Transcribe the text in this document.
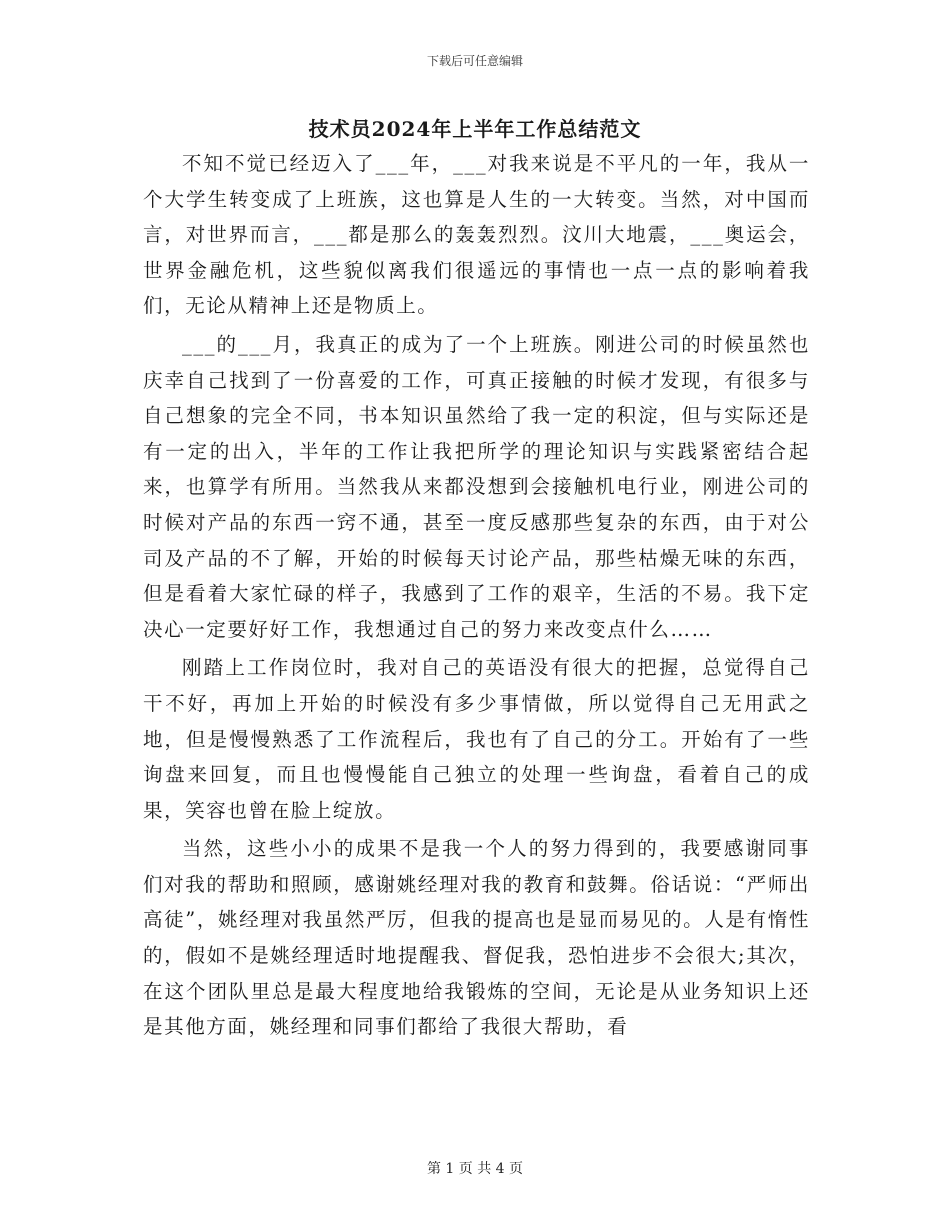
下载后可任意编辑
技术员2024年上半年工作总结范文

不知不觉已经迈入了___年，___对我来说是不平凡的一年，我从一个大学生转变成了上班族，这也算是人生的一大转变。当然，对中国而言，对世界而言，___都是那么的轰轰烈烈。汶川大地震，___奥运会，世界金融危机，这些貌似离我们很遥远的事情也一点一点的影响着我们，无论从精神上还是物质上。

___的___月，我真正的成为了一个上班族。刚进公司的时候虽然也庆幸自己找到了一份喜爱的工作，可真正接触的时候才发现，有很多与自己想象的完全不同，书本知识虽然给了我一定的积淀，但与实际还是有一定的出入，半年的工作让我把所学的理论知识与实践紧密结合起来，也算学有所用。当然我从来都没想到会接触机电行业，刚进公司的时候对产品的东西一窍不通，甚至一度反感那些复杂的东西，由于对公司及产品的不了解，开始的时候每天讨论产品，那些枯燥无味的东西，但是看着大家忙碌的样子，我感到了工作的艰辛，生活的不易。我下定决心一定要好好工作，我想通过自己的努力来改变点什么……

刚踏上工作岗位时，我对自己的英语没有很大的把握，总觉得自己干不好，再加上开始的时候没有多少事情做，所以觉得自己无用武之地，但是慢慢熟悉了工作流程后，我也有了自己的分工。开始有了一些询盘来回复，而且也慢慢能自己独立的处理一些询盘，看着自己的成果，笑容也曾在脸上绽放。

当然，这些小小的成果不是我一个人的努力得到的，我要感谢同事们对我的帮助和照顾，感谢姚经理对我的教育和鼓舞。俗话说：“严师出高徒”，姚经理对我虽然严厉，但我的提高也是显而易见的。人是有惰性的，假如不是姚经理适时地提醒我、督促我，恐怕进步不会很大;其次，在这个团队里总是最大程度地给我锻炼的空间，无论是从业务知识上还是其他方面，姚经理和同事们都给了我很大帮助，看

第 1 页 共 4 页
